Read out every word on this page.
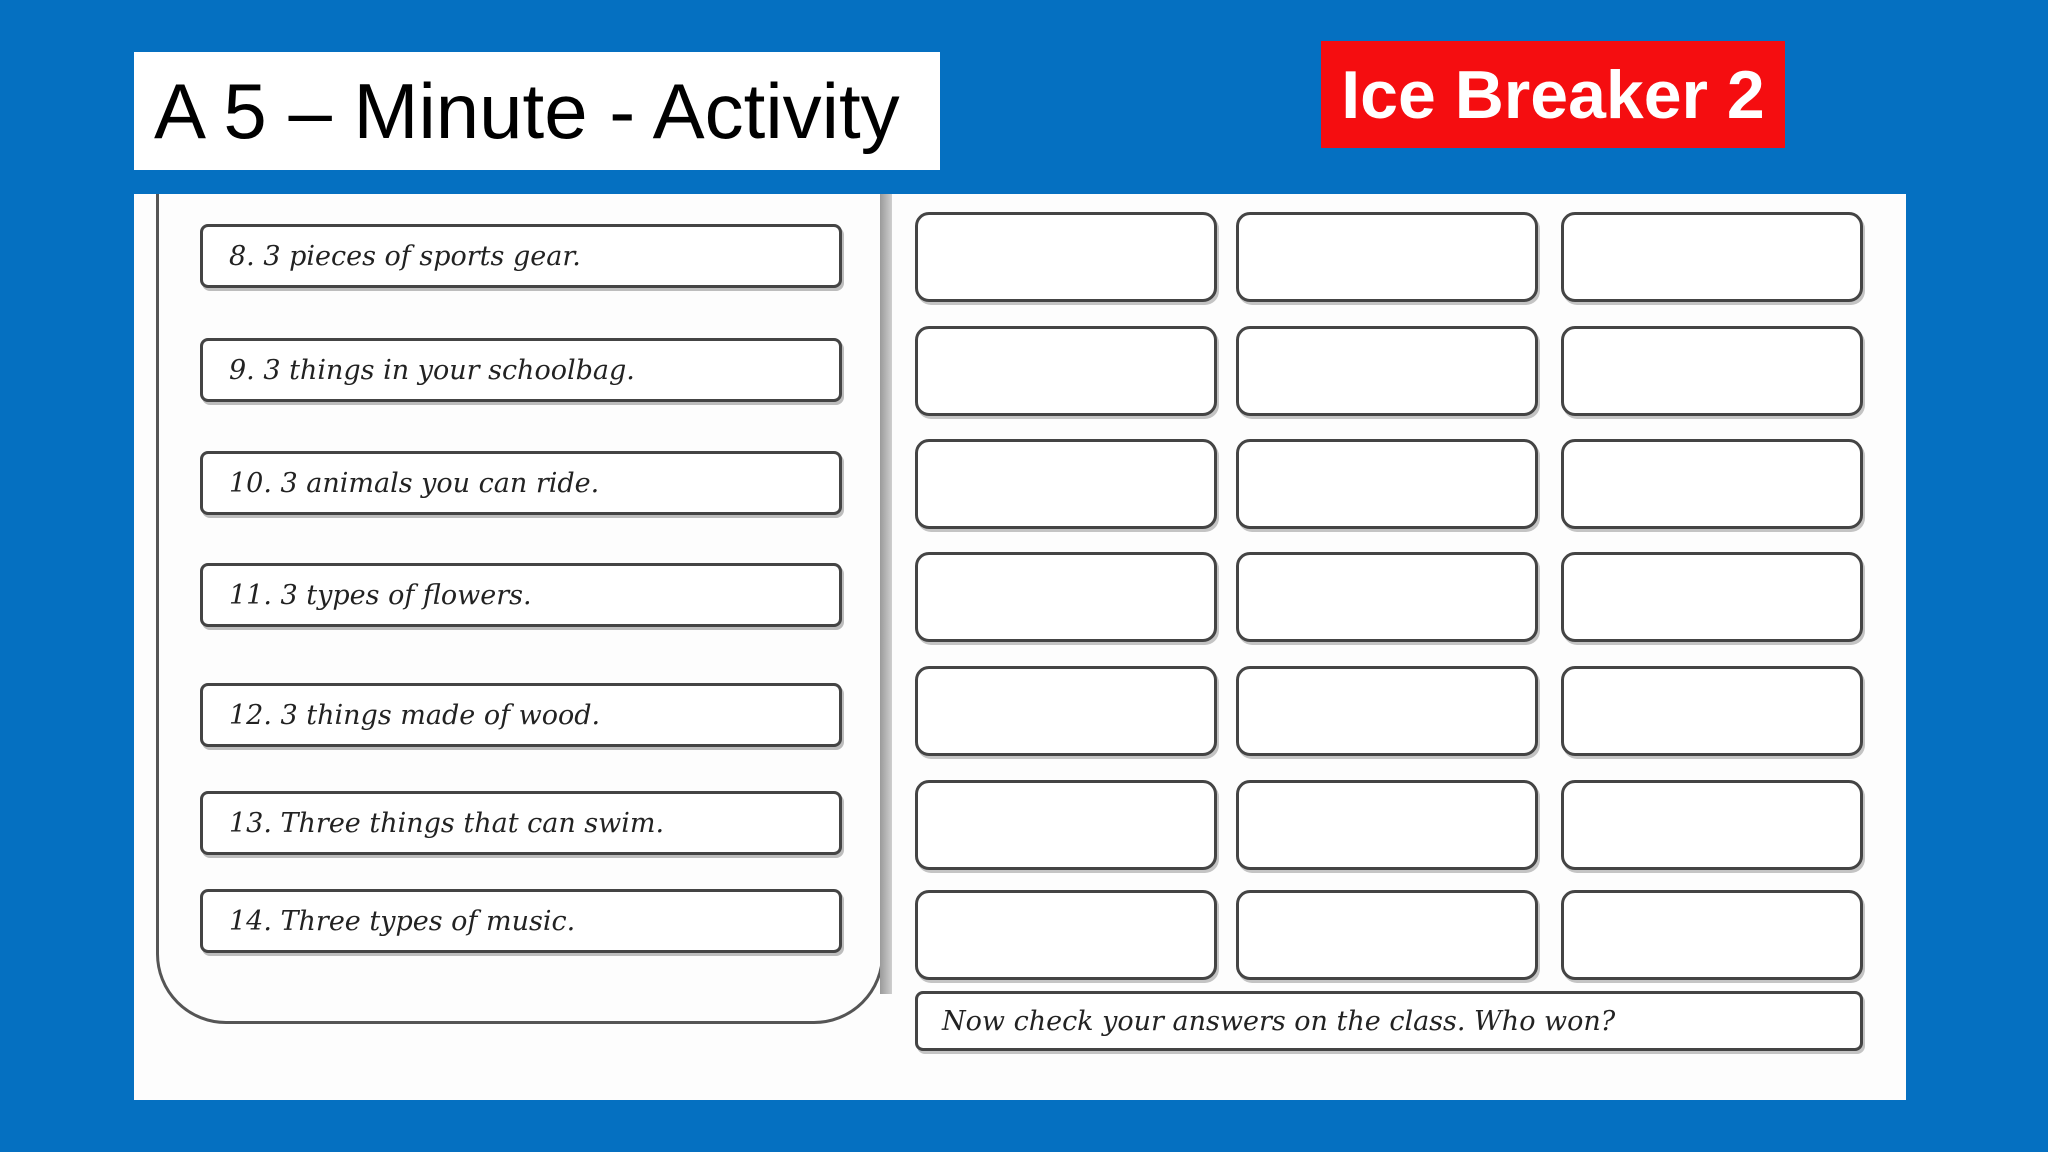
A 5 – Minute - Activity	Ice Breaker 2
8. 3 pieces of sports gear.
9. 3 things in your schoolbag.
10. 3 animals you can ride.
11. 3 types of flowers.
12. 3 things made of wood.
13. Three things that can swim.
14. Three types of music.
Now check your answers on the class. Who won?
